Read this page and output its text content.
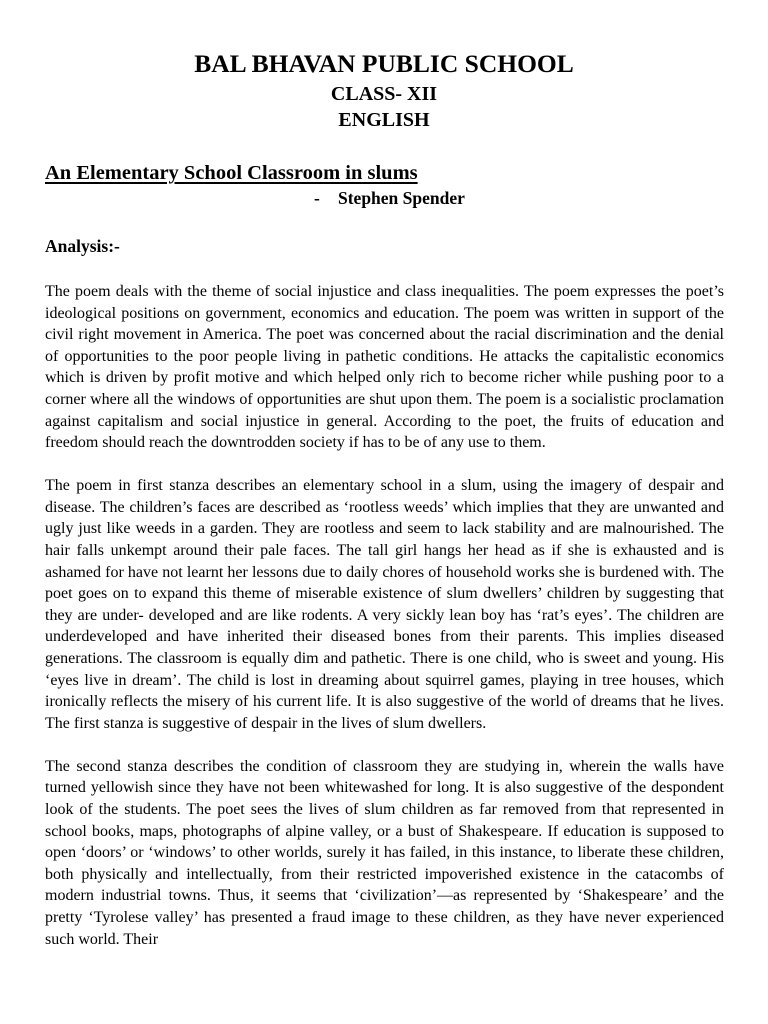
BAL BHAVAN PUBLIC SCHOOL
CLASS- XII
ENGLISH
An Elementary School Classroom in slums
- Stephen Spender
Analysis:-

The poem deals with the theme of social injustice and class inequalities. The poem expresses the poet’s ideological positions on government, economics and education. The poem was written in support of the civil right movement in America. The poet was concerned about the racial discrimination and the denial of opportunities to the poor people living in pathetic conditions. He attacks the capitalistic economics which is driven by profit motive and which helped only rich to become richer while pushing poor to a corner where all the windows of opportunities are shut upon them. The poem is a socialistic proclamation against capitalism and social injustice in general. According to the poet, the fruits of education and freedom should reach the downtrodden society if has to be of any use to them.

The poem in first stanza describes an elementary school in a slum, using the imagery of despair and disease. The children’s faces are described as ‘rootless weeds’ which implies that they are unwanted and ugly just like weeds in a garden. They are rootless and seem to lack stability and are malnourished. The hair falls unkempt around their pale faces. The tall girl hangs her head as if she is exhausted and is ashamed for have not learnt her lessons due to daily chores of household works she is burdened with. The poet goes on to expand this theme of miserable existence of slum dwellers’ children by suggesting that they are under- developed and are like rodents. A very sickly lean boy has ‘rat’s eyes’. The children are underdeveloped and have inherited their diseased bones from their parents. This implies diseased generations. The classroom is equally dim and pathetic. There is one child, who is sweet and young. His ‘eyes live in dream’. The child is lost in dreaming about squirrel games, playing in tree houses, which ironically reflects the misery of his current life. It is also suggestive of the world of dreams that he lives. The first stanza is suggestive of despair in the lives of slum dwellers.

The second stanza describes the condition of classroom they are studying in, wherein the walls have turned yellowish since they have not been whitewashed for long. It is also suggestive of the despondent look of the students. The poet sees the lives of slum children as far removed from that represented in school books, maps, photographs of alpine valley, or a bust of Shakespeare. If education is supposed to open ‘doors’ or ‘windows’ to other worlds, surely it has failed, in this instance, to liberate these children, both physically and intellectually, from their restricted impoverished existence in the catacombs of modern industrial towns. Thus, it seems that ‘civilization’—as represented by ‘Shakespeare’ and the pretty ‘Tyrolese valley’ has presented a fraud image to these children, as they have never experienced such world. Their
